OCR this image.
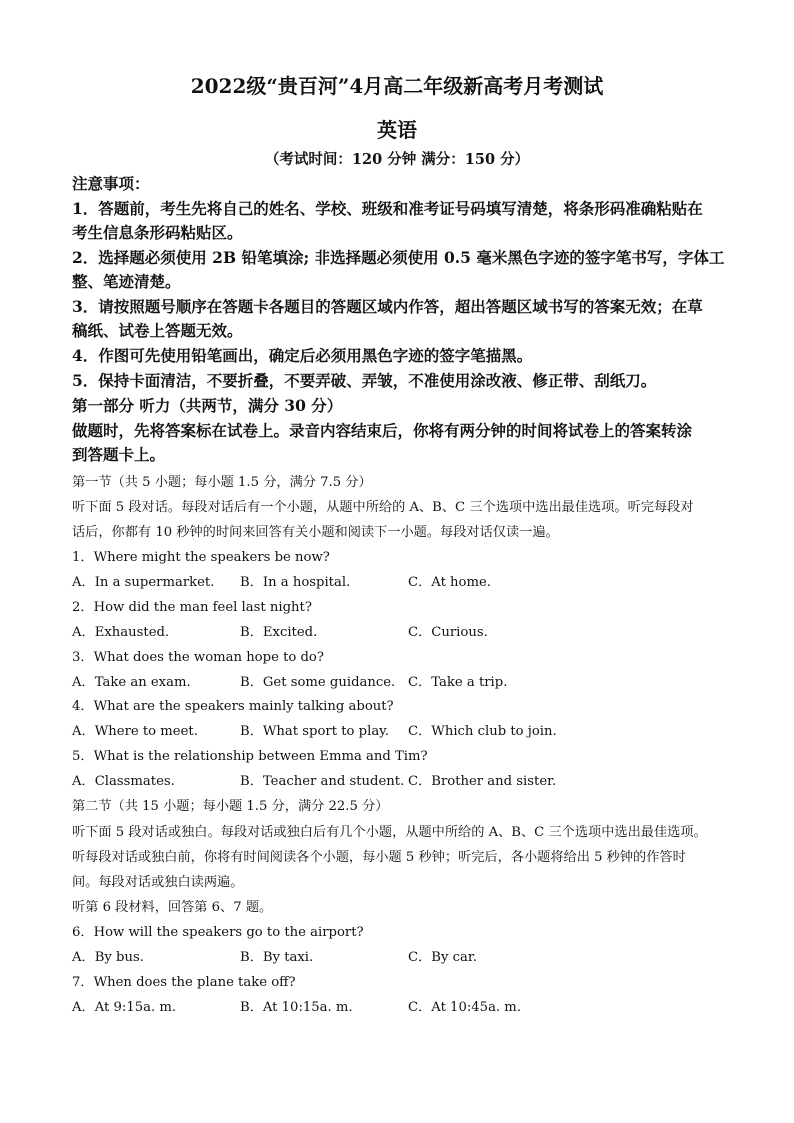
2022级“贵百河”4月高二年级新高考月考测试
英语
（考试时间：120 分钟 满分：150 分）
注意事项：
1．答题前，考生先将自己的姓名、学校、班级和准考证号码填写清楚，将条形码准确粘贴在
考生信息条形码粘贴区。
2．选择题必须使用 2B 铅笔填涂; 非选择题必须使用 0.5 毫米黑色字迹的签字笔书写，字体工
整、笔迹清楚。
3．请按照题号顺序在答题卡各题目的答题区域内作答，超出答题区域书写的答案无效；在草
稿纸、试卷上答题无效。
4．作图可先使用铅笔画出，确定后必须用黑色字迹的签字笔描黑。
5．保持卡面清洁，不要折叠，不要弄破、弄皱，不准使用涂改液、修正带、刮纸刀。
第一部分 听力（共两节，满分 30 分）
做题时，先将答案标在试卷上。录音内容结束后，你将有两分钟的时间将试卷上的答案转涂
到答题卡上。
第一节（共 5 小题；每小题 1.5 分，满分 7.5 分）
听下面 5 段对话。每段对话后有一个小题，从题中所给的 A、B、C 三个选项中选出最佳选项。听完每段对
话后，你都有 10 秒钟的时间来回答有关小题和阅读下一小题。每段对话仅读一遍。
1．Where might the speakers be now?
A．In a supermarket. B．In a hospital.	C．At home.
2．How did the man feel last night?
A．Exhausted.	B．Excited.	C．Curious.
3．What does the woman hope to do?
A．Take an exam.	B．Get some guidance. C．Take a trip.
4．What are the speakers mainly talking about?
A．Where to meet.	B．What sport to play. C．Which club to join.
5．What is the relationship between Emma and Tim?
A．Classmates.	B．Teacher and student. C．Brother and sister.
第二节（共 15 小题；每小题 1.5 分，满分 22.5 分）
听下面 5 段对话或独白。每段对话或独白后有几个小题，从题中所给的 A、B、C 三个选项中选出最佳选项。
听每段对话或独白前，你将有时间阅读各个小题，每小题 5 秒钟；听完后，各小题将给出 5 秒钟的作答时
间。每段对话或独白读两遍。
听第 6 段材料，回答第 6、7 题。
6．How will the speakers go to the airport?
A．By bus.	B．By taxi.	C．By car.
7．When does the plane take off?
A．At 9:15a. m.	B．At 10:15a. m.	C．At 10:45a. m.
